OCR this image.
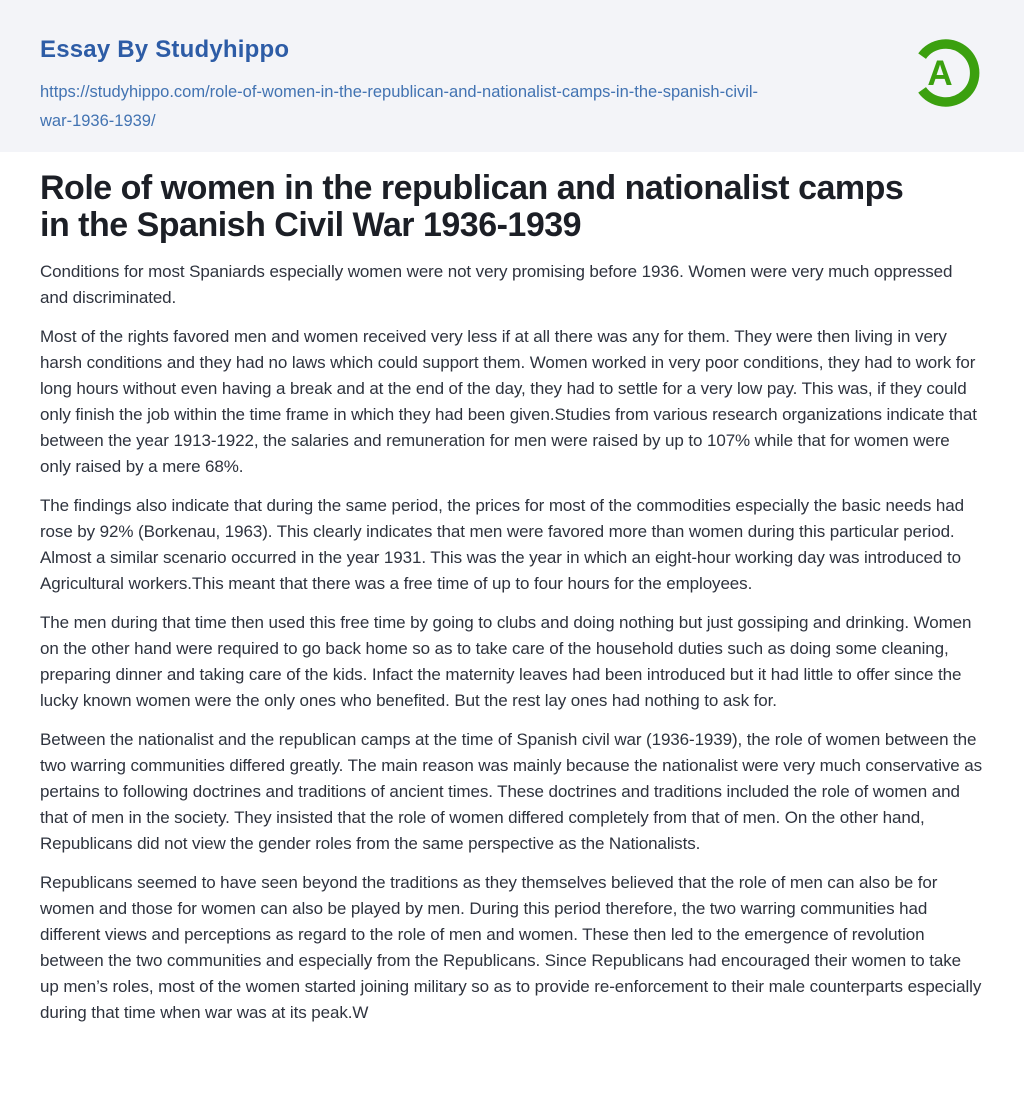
Essay By Studyhippo
https://studyhippo.com/role-of-women-in-the-republican-and-nationalist-camps-in-the-spanish-civil-war-1936-1939/
A
Role of women in the republican and nationalist camps in the Spanish Civil War 1936-1939

Conditions for most Spaniards especially women were not very promising before 1936. Women were very much oppressed and discriminated.

Most of the rights favored men and women received very less if at all there was any for them. They were then living in very harsh conditions and they had no laws which could support them. Women worked in very poor conditions, they had to work for long hours without even having a break and at the end of the day, they had to settle for a very low pay. This was, if they could only finish the job within the time frame in which they had been given.Studies from various research organizations indicate that between the year 1913-1922, the salaries and remuneration for men were raised by up to 107% while that for women were only raised by a mere 68%.

The findings also indicate that during the same period, the prices for most of the commodities especially the basic needs had rose by 92% (Borkenau, 1963). This clearly indicates that men were favored more than women during this particular period. Almost a similar scenario occurred in the year 1931. This was the year in which an eight-hour working day was introduced to Agricultural workers.This meant that there was a free time of up to four hours for the employees.

The men during that time then used this free time by going to clubs and doing nothing but just gossiping and drinking. Women on the other hand were required to go back home so as to take care of the household duties such as doing some cleaning, preparing dinner and taking care of the kids. Infact the maternity leaves had been introduced but it had little to offer since the lucky known women were the only ones who benefited. But the rest lay ones had nothing to ask for.

Between the nationalist and the republican camps at the time of Spanish civil war (1936-1939), the role of women between the two warring communities differed greatly. The main reason was mainly because the nationalist were very much conservative as pertains to following doctrines and traditions of ancient times. These doctrines and traditions included the role of women and that of men in the society. They insisted that the role of women differed completely from that of men. On the other hand, Republicans did not view the gender roles from the same perspective as the Nationalists.

Republicans seemed to have seen beyond the traditions as they themselves believed that the role of men can also be for women and those for women can also be played by men. During this period therefore, the two warring communities had different views and perceptions as regard to the role of men and women. These then led to the emergence of revolution between the two communities and especially from the Republicans. Since Republicans had encouraged their women to take up men’s roles, most of the women started joining military so as to provide re-enforcement to their male counterparts especially during that time when war was at its peak.W
